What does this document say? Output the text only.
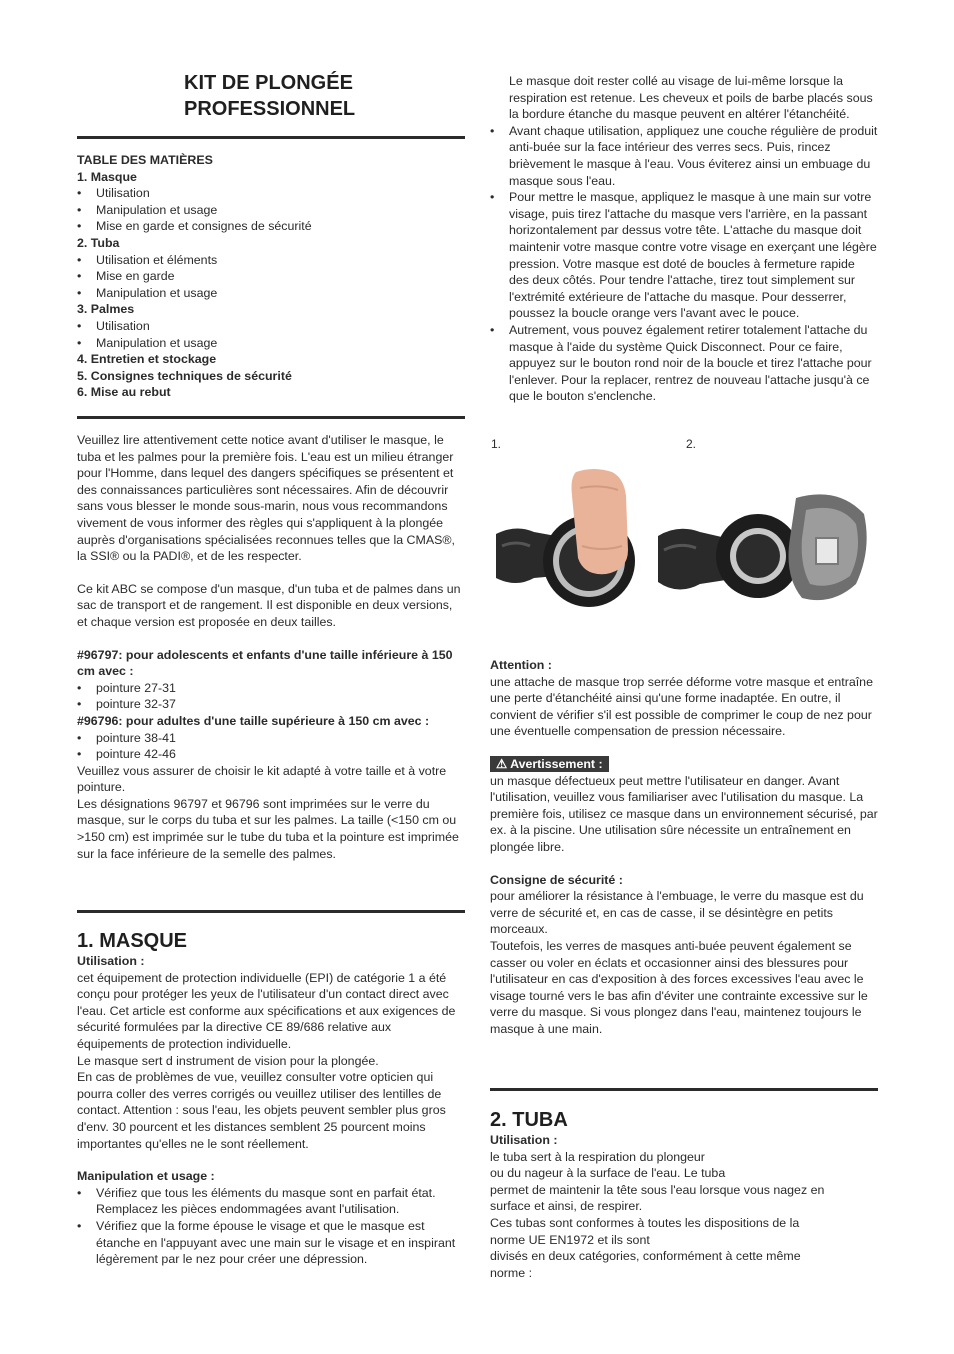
KIT DE PLONGÉE
PROFESSIONNEL

TABLE DES MATIÈRES

1. Masque

• Utilisation

• Manipulation et usage

• Mise en garde et consignes de sécurité

2. Tuba

• Utilisation et éléments

• Mise en garde

• Manipulation et usage

3. Palmes

• Utilisation

• Manipulation et usage

4. Entretien et stockage

5. Consignes techniques de sécurité

6. Mise au rebut

Veuillez lire attentivement cette notice avant d'utiliser le masque, le tuba et les palmes pour la première fois. L'eau est un milieu étranger pour l'Homme, dans lequel des dangers spécifiques se présentent et des connaissances particulières sont nécessaires. Afin de découvrir sans vous blesser le monde sous-marin, nous vous recommandons vivement de vous informer des règles qui s'appliquent à la plongée auprès d'organisations spécialisées reconnues telles que la CMAS®, la SSI® ou la PADI®, et de les respecter.

Ce kit ABC se compose d'un masque, d'un tuba et de palmes dans un sac de transport et de rangement. Il est disponible en deux versions, et chaque version est proposée en deux tailles.

#96797: pour adolescents et enfants d'une taille inférieure à 150 cm avec :

• pointure 27-31

• pointure 32-37

#96796: pour adultes d'une taille supérieure à 150 cm avec :

• pointure 38-41

• pointure 42-46

Veuillez vous assurer de choisir le kit adapté à votre taille et à votre pointure.

Les désignations 96797 et 96796 sont imprimées sur le verre du masque, sur le corps du tuba et sur les palmes. La taille (<150 cm ou >150 cm) est imprimée sur le tube du tuba et la pointure est imprimée sur la face inférieure de la semelle des palmes.

1. MASQUE

Utilisation :

cet équipement de protection individuelle (EPI) de catégorie 1 a été conçu pour protéger les yeux de l'utilisateur d'un contact direct avec l'eau. Cet article est conforme aux spécifications et aux exigences de sécurité formulées par la directive CE 89/686 relative aux équipements de protection individuelle.

Le masque sert d instrument de vision pour la plongée.

En cas de problèmes de vue, veuillez consulter votre opticien qui pourra coller des verres corrigés ou veuillez utiliser des lentilles de contact. Attention : sous l'eau, les objets peuvent sembler plus gros d'env. 30 pourcent et les distances semblent 25 pourcent moins importantes qu'elles ne le sont réellement.

Manipulation et usage :

• Vérifiez que tous les éléments du masque sont en parfait état. Remplacez les pièces endommagées avant l'utilisation.

• Vérifiez que la forme épouse le visage et que le masque est étanche en l'appuyant avec une main sur le visage et en inspirant légèrement par le nez pour créer une dépression.

Le masque doit rester collé au visage de lui-même lorsque la respiration est retenue. Les cheveux et poils de barbe placés sous la bordure étanche du masque peuvent en altérer l'étanchéité.

• Avant chaque utilisation, appliquez une couche régulière de produit anti-buée sur la face intérieur des verres secs. Puis, rincez brièvement le masque à l'eau. Vous éviterez ainsi un embuage du masque sous l'eau.

• Pour mettre le masque, appliquez le masque à une main sur votre visage, puis tirez l'attache du masque vers l'arrière, en la passant horizontalement par dessus votre tête. L'attache du masque doit maintenir votre masque contre votre visage en exerçant une légère pression. Votre masque est doté de boucles à fermeture rapide des deux côtés. Pour tendre l'attache, tirez tout simplement sur l'extrémité extérieure de l'attache du masque. Pour desserrer, poussez la boucle orange vers l'avant avec le pouce.

• Autrement, vous pouvez également retirer totalement l'attache du masque à l'aide du système Quick Disconnect. Pour ce faire, appuyez sur le bouton rond noir de la boucle et tirez l'attache pour l'enlever. Pour la replacer, rentrez de nouveau l'attache jusqu'à ce que le bouton s'enclenche.

1.	2.

Attention :

une attache de masque trop serrée déforme votre masque et entraîne une perte d'étanchéité ainsi qu'une forme inadaptée. En outre, il convient de vérifier s'il est possible de comprimer le coup de nez pour une éventuelle compensation de pression nécessaire.

⚠ Avertissement :

un masque défectueux peut mettre l'utilisateur en danger. Avant l'utilisation, veuillez vous familiariser avec l'utilisation du masque. La première fois, utilisez ce masque dans un environnement sécurisé, par ex. à la piscine. Une utilisation sûre nécessite un entraînement en plongée libre.

Consigne de sécurité :

pour améliorer la résistance à l'embuage, le verre du masque est du verre de sécurité et, en cas de casse, il se désintègre en petits morceaux.

Toutefois, les verres de masques anti-buée peuvent également se casser ou voler en éclats et occasionner ainsi des blessures pour l'utilisateur en cas d'exposition à des forces excessives l'eau avec le visage tourné vers le bas afin d'éviter une contrainte excessive sur le verre du masque. Si vous plongez dans l'eau, maintenez toujours le masque à une main.

2. TUBA

Utilisation :

le tuba sert à la respiration du plongeur

ou du nageur à la surface de l'eau. Le tuba

permet de maintenir la tête sous l'eau lorsque vous nagez en

surface et ainsi, de respirer.

Ces tubas sont conformes à toutes les dispositions de la

norme UE EN1972 et ils sont

divisés en deux catégories, conformément à cette même

norme :
